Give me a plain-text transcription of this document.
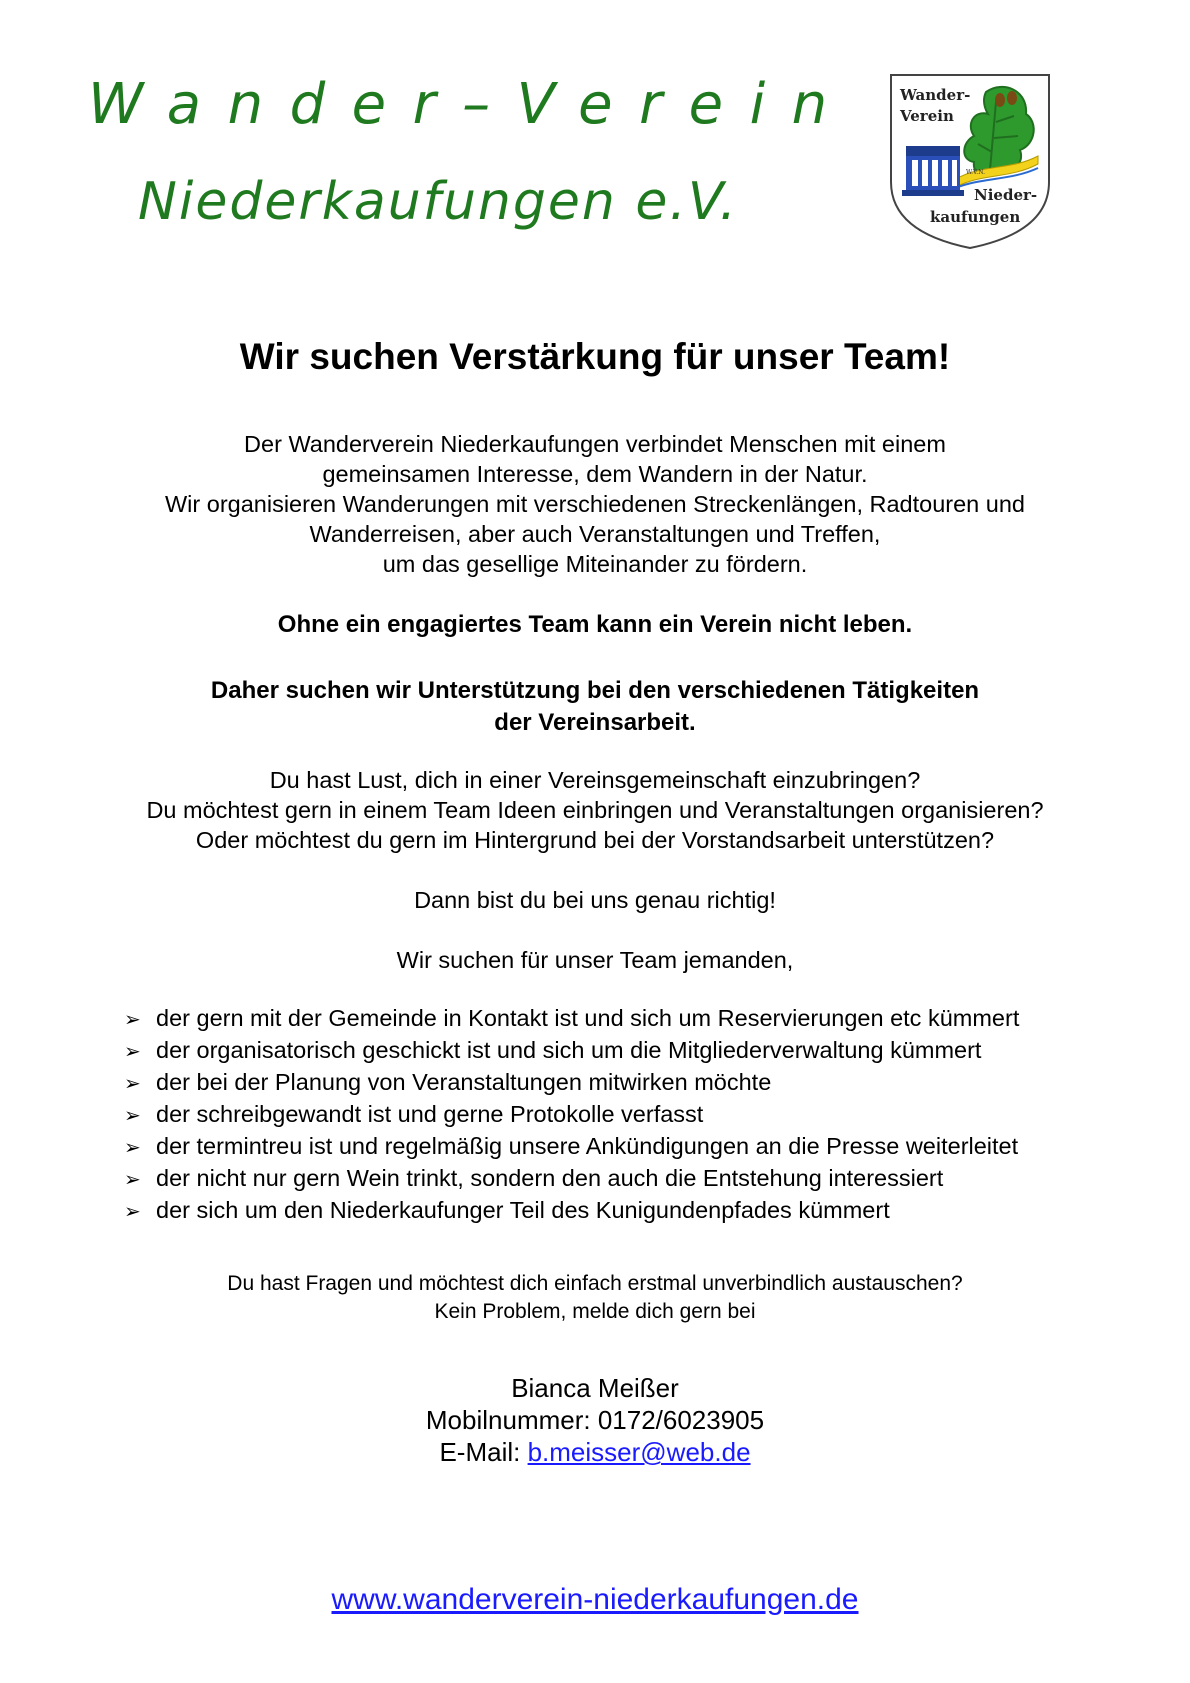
Wander–Verein
Niederkaufungen e.V.
Wander-
Verein
W.V.N.
Nieder-
kaufungen
Wir suchen Verstärkung für unser Team!

Der Wanderverein Niederkaufungen verbindet Menschen mit einem

gemeinsamen Interesse, dem Wandern in der Natur.

Wir organisieren Wanderungen mit verschiedenen Streckenlängen, Radtouren und

Wanderreisen, aber auch Veranstaltungen und Treffen,

um das gesellige Miteinander zu fördern.

Ohne ein engagiertes Team kann ein Verein nicht leben.

Daher suchen wir Unterstützung bei den verschiedenen Tätigkeiten

der Vereinsarbeit.

Du hast Lust, dich in einer Vereinsgemeinschaft einzubringen?

Du möchtest gern in einem Team Ideen einbringen und Veranstaltungen organisieren?

Oder möchtest du gern im Hintergrund bei der Vorstandsarbeit unterstützen?

Dann bist du bei uns genau richtig!

Wir suchen für unser Team jemanden,

➢ der gern mit der Gemeinde in Kontakt ist und sich um Reservierungen etc kümmert
➢ der organisatorisch geschickt ist und sich um die Mitgliederverwaltung kümmert
➢ der bei der Planung von Veranstaltungen mitwirken möchte
➢ der schreibgewandt ist und gerne Protokolle verfasst
➢ der termintreu ist und regelmäßig unsere Ankündigungen an die Presse weiterleitet
➢ der nicht nur gern Wein trinkt, sondern den auch die Entstehung interessiert
➢ der sich um den Niederkaufunger Teil des Kunigundenpfades kümmert

Du hast Fragen und möchtest dich einfach erstmal unverbindlich austauschen?

Kein Problem, melde dich gern bei

Bianca Meißer

Mobilnummer: 0172/6023905

E-Mail: b.meisser@web.de

www.wanderverein-niederkaufungen.de
